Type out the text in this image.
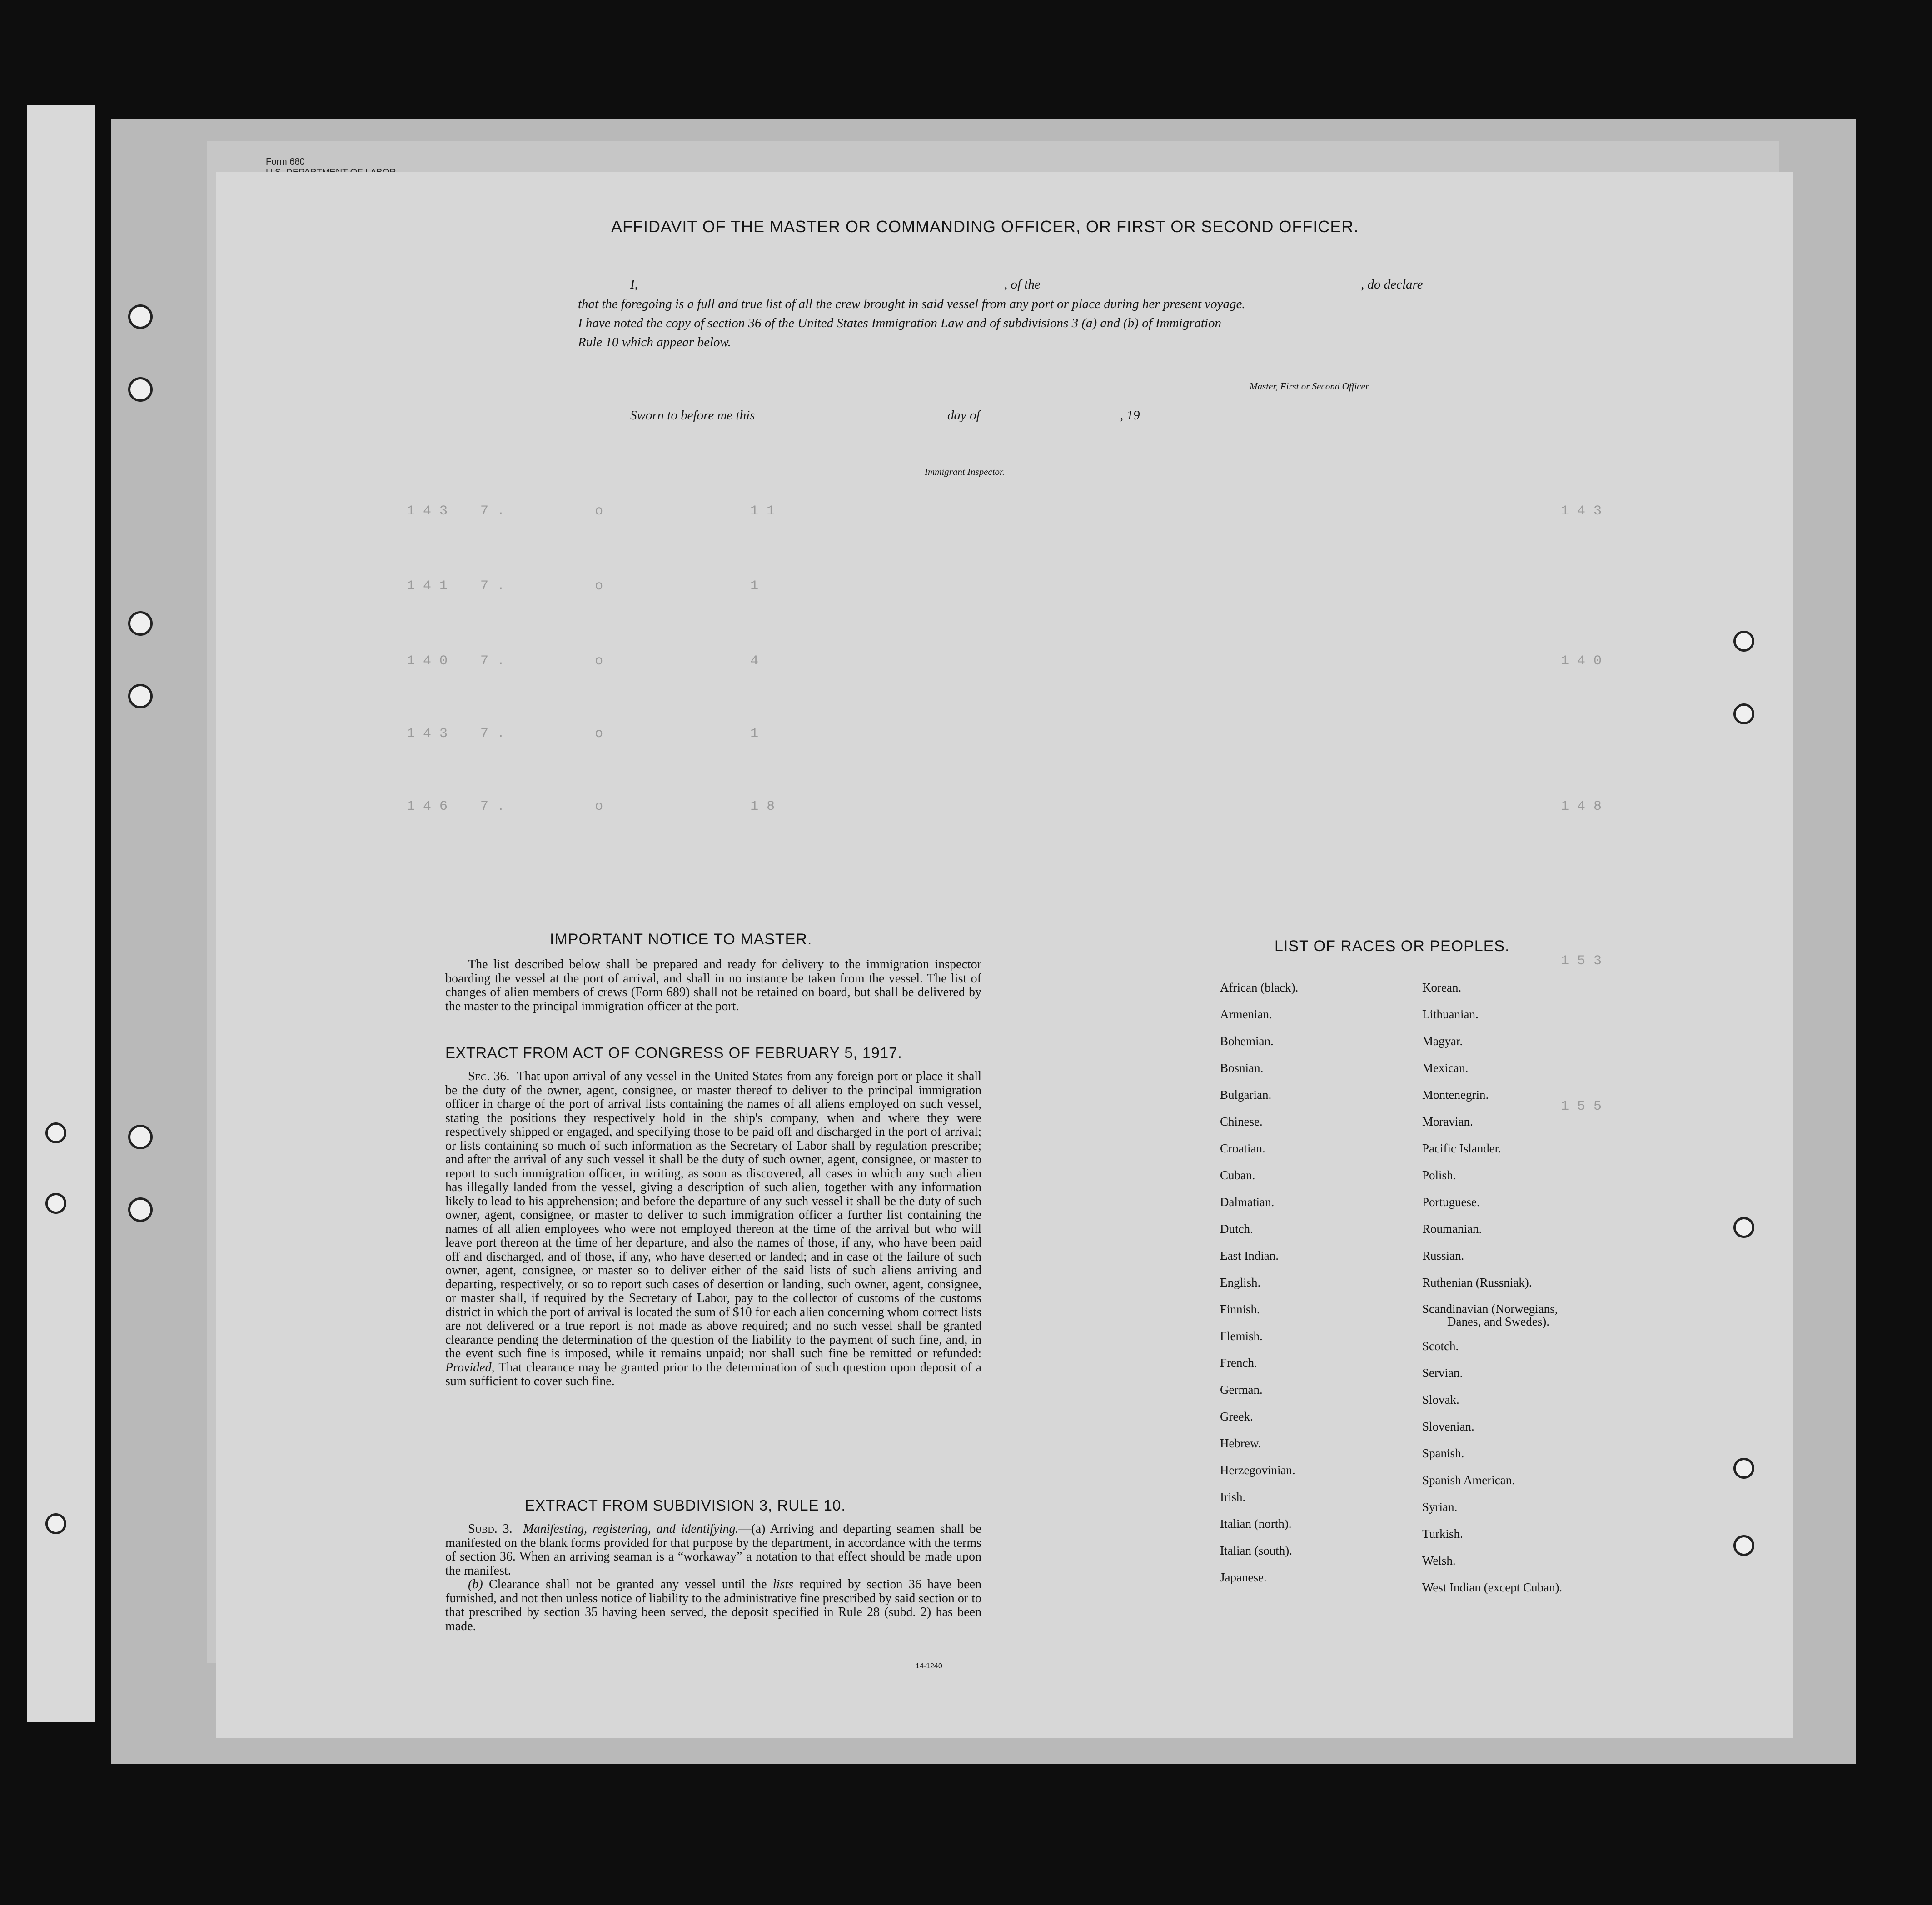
Form 680
1 4 3    7 .           o                  1 1
1 4 1    7 .           o                  1
1 4 0    7 .           o                  4
1 4 3    7 .           o                  1
1 4 6    7 .           o                  1 8
1 4 3
1 4 0
1 4 8
1 5 3
1 5 5
AFFIDAVIT OF THE MASTER OR COMMANDING OFFICER, OR FIRST OR SECOND OFFICER.
I,	, of the	, do declare
that the foregoing is a full and true list of all the crew brought in said vessel from any port or place during her present voyage.
I have noted the copy of section 36 of the United States Immigration Law and of subdivisions 3 (a) and (b) of Immigration
Rule 10 which appear below.
Master, First or Second Officer.
Sworn to before me this	day of	, 19
Immigrant Inspector.
IMPORTANT NOTICE TO MASTER.
The list described below shall be prepared and ready for delivery to the immigration inspector boarding the vessel at the port of arrival, and shall in no instance be taken from the vessel. The list of changes of alien members of crews (Form 689) shall not be retained on board, but shall be delivered by the master to the principal immigration officer at the port.
EXTRACT FROM ACT OF CONGRESS OF FEBRUARY 5, 1917.

Sec. 36. That upon arrival of any vessel in the United States from any foreign port or place it shall be the duty of the owner, agent, consignee, or master thereof to deliver to the principal immigration officer in charge of the port of arrival lists containing the names of all aliens employed on such vessel, stating the positions they respectively hold in the ship's company, when and where they were respectively shipped or engaged, and specifying those to be paid off and discharged in the port of arrival; or lists containing so much of such information as the Secretary of Labor shall by regulation prescribe; and after the arrival of any such vessel it shall be the duty of such owner, agent, consignee, or master to report to such immigration officer, in writing, as soon as discovered, all cases in which any such alien has illegally landed from the vessel, giving a description of such alien, together with any information likely to lead to his apprehension; and before the departure of any such vessel it shall be the duty of such owner, agent, consignee, or master to deliver to such immigration officer a further list containing the names of all alien employees who were not employed thereon at the time of the arrival but who will leave port thereon at the time of her departure, and also the names of those, if any, who have been paid off and discharged, and of those, if any, who have deserted or landed; and in case of the failure of such owner, agent, consignee, or master so to deliver either of the said lists of such aliens arriving and departing, respectively, or so to report such cases of desertion or landing, such owner, agent, consignee, or master shall, if required by the Secretary of Labor, pay to the collector of customs of the customs district in which the port of arrival is located the sum of $10 for each alien concerning whom correct lists are not delivered or a true report is not made as above required; and no such vessel shall be granted clearance pending the determination of the question of the liability to the payment of such fine, and, in the event such fine is imposed, while it remains unpaid; nor shall such fine be remitted or refunded: Provided, That clearance may be granted prior to the determination of such question upon deposit of a sum sufficient to cover such fine.

EXTRACT FROM SUBDIVISION 3, RULE 10.

Subd. 3. Manifesting, registering, and identifying.—(a) Arriving and departing seamen shall be manifested on the blank forms provided for that purpose by the department, in accordance with the terms of section 36. When an arriving seaman is a “workaway” a notation to that effect should be made upon the manifest.

(b) Clearance shall not be granted any vessel until the lists required by section 36 have been furnished, and not then unless notice of liability to the administrative fine prescribed by said section or to that prescribed by section 35 having been served, the deposit specified in Rule 28 (subd. 2) has been made.

14-1240
LIST OF RACES OR PEOPLES.
African (black).
Armenian.
Bohemian.
Bosnian.
Bulgarian.
Chinese.
Croatian.
Cuban.
Dalmatian.
Dutch.
East Indian.
English.
Finnish.
Flemish.
French.
German.
Greek.
Hebrew.
Herzegovinian.
Irish.
Italian (north).
Italian (south).
Japanese.
Korean.
Lithuanian.
Magyar.
Mexican.
Montenegrin.
Moravian.
Pacific Islander.
Polish.
Portuguese.
Roumanian.
Russian.
Ruthenian (Russniak).
Scandinavian (Norwegians,
Danes, and Swedes).
Scotch.
Servian.
Slovak.
Slovenian.
Spanish.
Spanish American.
Syrian.
Turkish.
Welsh.
West Indian (except Cuban).
